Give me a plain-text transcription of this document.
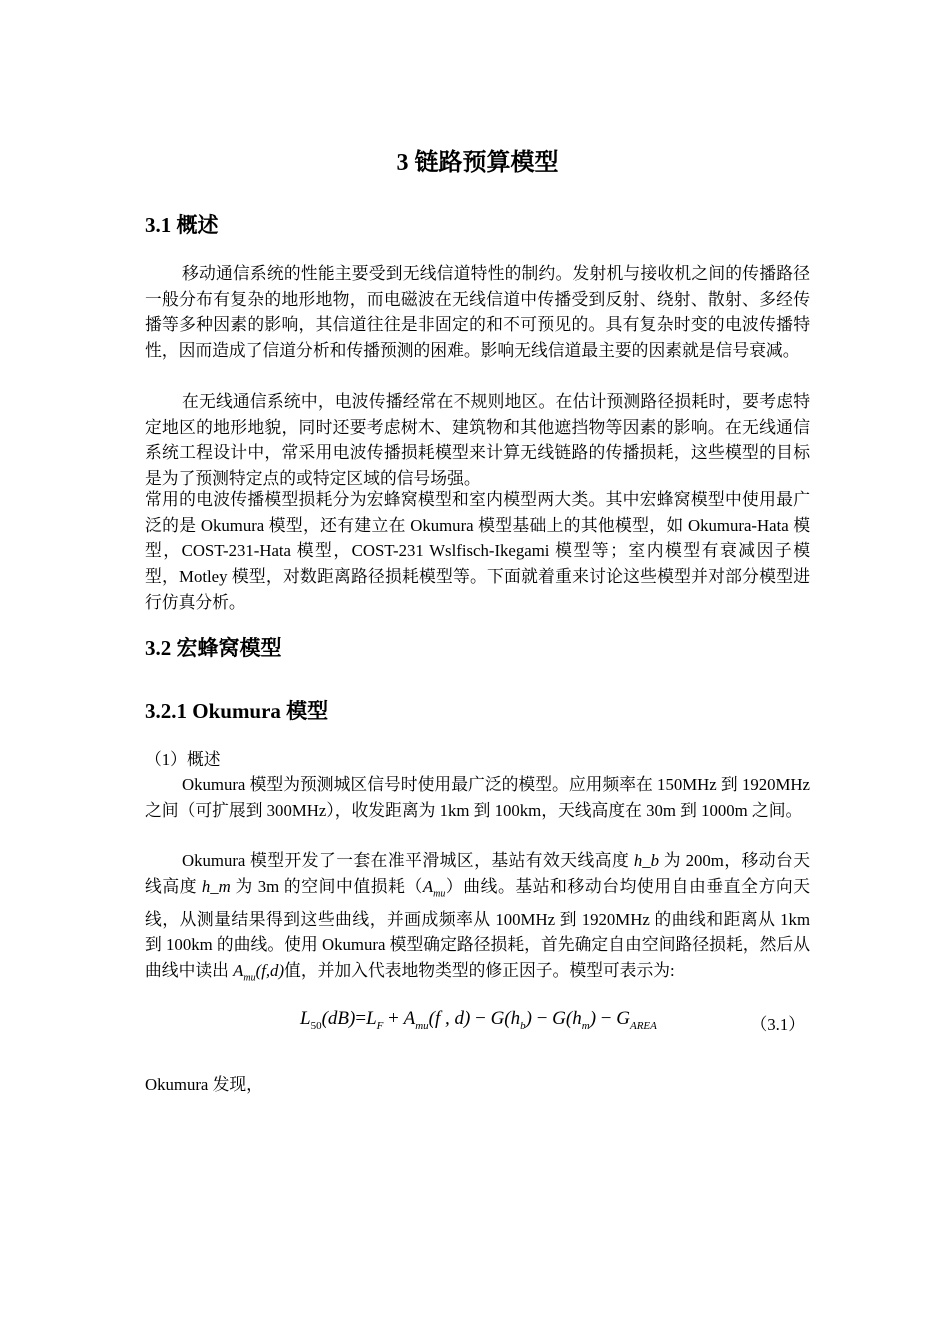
3 链路预算模型
3.1 概述
移动通信系统的性能主要受到无线信道特性的制约。发射机与接收机之间的传播路径一般分布有复杂的地形地物，而电磁波在无线信道中传播受到反射、绕射、散射、多经传播等多种因素的影响，其信道往往是非固定的和不可预见的。具有复杂时变的电波传播特性，因而造成了信道分析和传播预测的困难。影响无线信道最主要的因素就是信号衰减。
在无线通信系统中，电波传播经常在不规则地区。在估计预测路径损耗时，要考虑特定地区的地形地貌，同时还要考虑树木、建筑物和其他遮挡物等因素的影响。在无线通信系统工程设计中，常采用电波传播损耗模型来计算无线链路的传播损耗，这些模型的目标是为了预测特定点的或特定区域的信号场强。
常用的电波传播模型损耗分为宏蜂窝模型和室内模型两大类。其中宏蜂窝模型中使用最广泛的是 Okumura 模型，还有建立在 Okumura 模型基础上的其他模型，如 Okumura-Hata 模型，COST-231-Hata 模型，COST-231 Wslfisch-Ikegami 模型等；室内模型有衰减因子模型，Motley 模型，对数距离路径损耗模型等。下面就着重来讨论这些模型并对部分模型进行仿真分析。
3.2 宏蜂窝模型
3.2.1 Okumura 模型
（1）概述
Okumura 模型为预测城区信号时使用最广泛的模型。应用频率在 150MHz 到 1920MHz 之间（可扩展到 300MHz），收发距离为 1km 到 100km，天线高度在 30m 到 1000m 之间。
Okumura 模型开发了一套在准平滑城区，基站有效天线高度 h_b 为 200m，移动台天线高度 h_m 为 3m 的空间中值损耗$(A_{mu})$曲线。基站和移动台均使用自由垂直全方向天线，从测量结果得到这些曲线，并画成频率从 100MHz 到 1920MHz 的曲线和距离从 1km 到 100km 的曲线。使用 Okumura 模型确定路径损耗，首先确定自由空间路径损耗，然后从曲线中读出 $A_{mu}(f,d)$值，并加入代表地物类型的修正因子。模型可表示为:
$L_{50}(dB)=L_F + A_{mu}(f$ , $d) - G(h_b) - G(h_m) - G_{AREA}$	（3.1）
Okumura 发现，
